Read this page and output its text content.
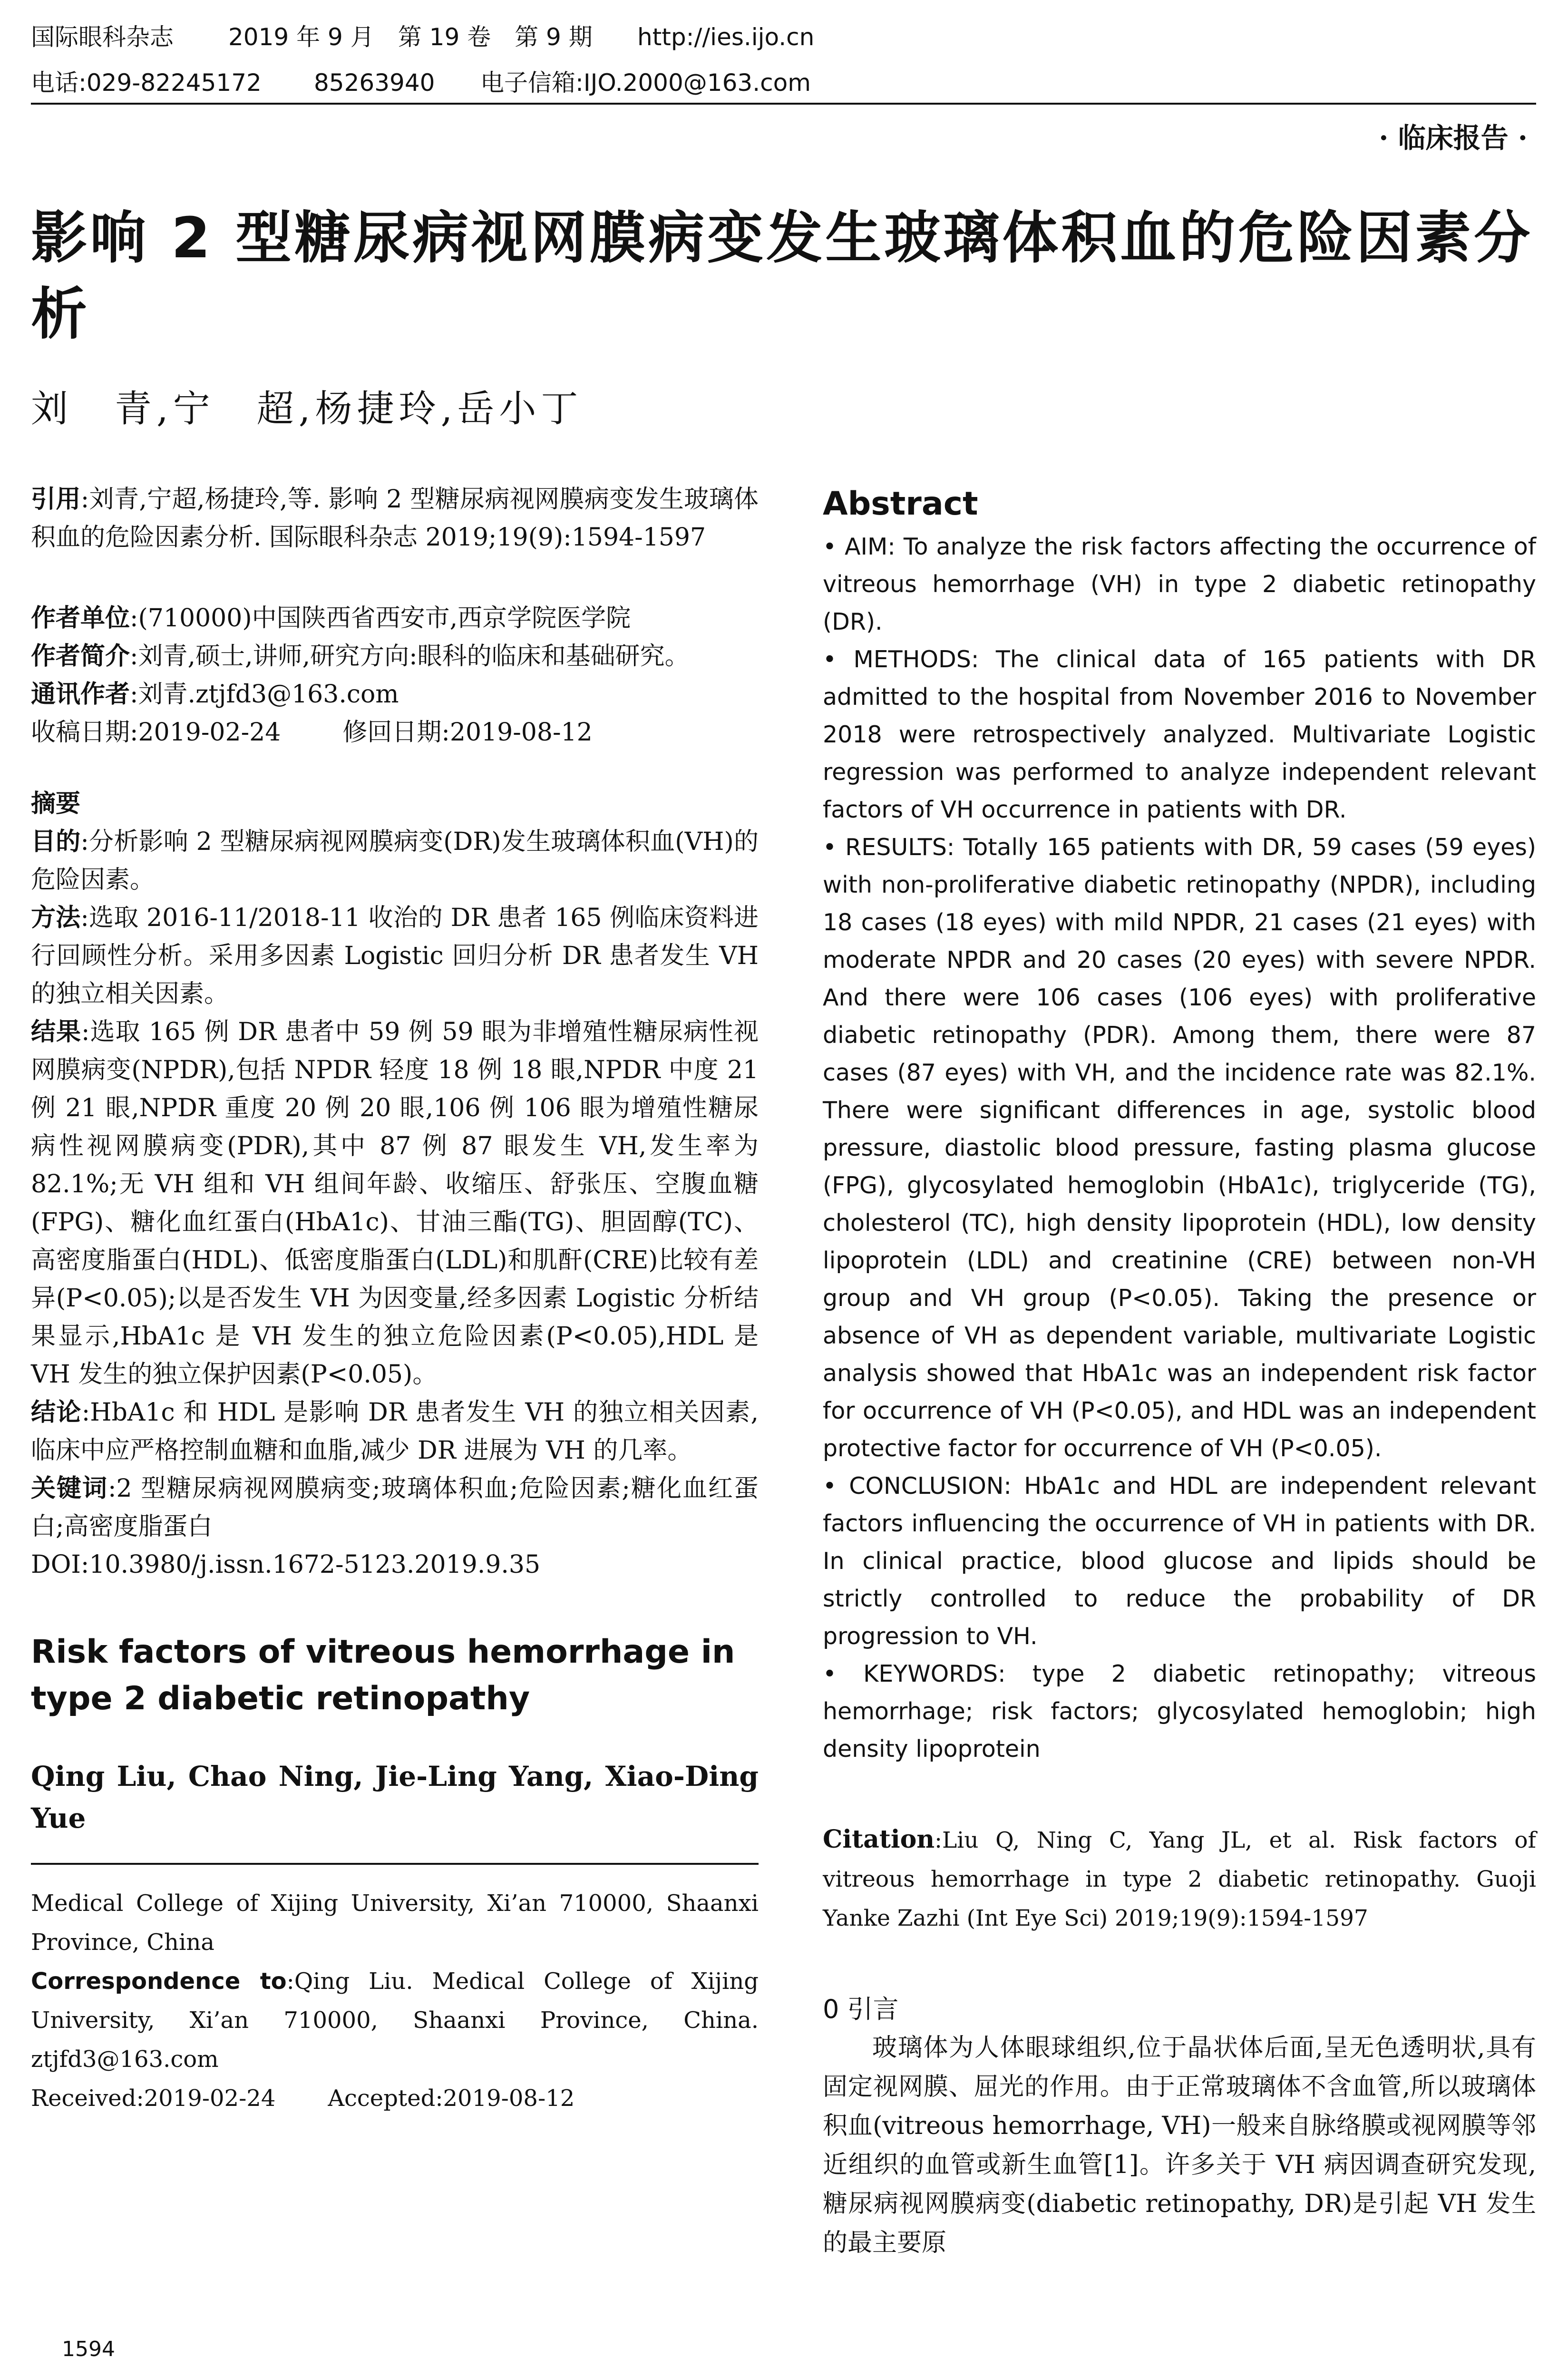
国际眼科杂志 2019 年 9 月　第 19 卷　第 9 期 http://ies.ijo.cn
电话:029-82245172 85263940 电子信箱:IJO.2000@163.com
· 临床报告 ·
影响 2 型糖尿病视网膜病变发生玻璃体积血的危险因素分析
刘　青,宁　超,杨捷玲,岳小丁
引用:刘青,宁超,杨捷玲,等. 影响 2 型糖尿病视网膜病变发生玻璃体积血的危险因素分析. 国际眼科杂志 2019;19(9):1594-1597

作者单位:(710000)中国陕西省西安市,西京学院医学院

作者简介:刘青,硕士,讲师,研究方向:眼科的临床和基础研究。

通讯作者:刘青.ztjfd3@163.com

收稿日期:2019-02-24	修回日期:2019-08-12

摘要

目的:分析影响 2 型糖尿病视网膜病变(DR)发生玻璃体积血(VH)的危险因素。

方法:选取 2016-11/2018-11 收治的 DR 患者 165 例临床资料进行回顾性分析。采用多因素 Logistic 回归分析 DR 患者发生 VH 的独立相关因素。

结果:选取 165 例 DR 患者中 59 例 59 眼为非增殖性糖尿病性视网膜病变(NPDR),包括 NPDR 轻度 18 例 18 眼,NPDR 中度 21 例 21 眼,NPDR 重度 20 例 20 眼,106 例 106 眼为增殖性糖尿病性视网膜病变(PDR),其中 87 例 87 眼发生 VH,发生率为 82.1%;无 VH 组和 VH 组间年龄、收缩压、舒张压、空腹血糖(FPG)、糖化血红蛋白(HbA1c)、甘油三酯(TG)、胆固醇(TC)、高密度脂蛋白(HDL)、低密度脂蛋白(LDL)和肌酐(CRE)比较有差异(P<0.05);以是否发生 VH 为因变量,经多因素 Logistic 分析结果显示,HbA1c 是 VH 发生的独立危险因素(P<0.05),HDL 是 VH 发生的独立保护因素(P<0.05)。

结论:HbA1c 和 HDL 是影响 DR 患者发生 VH 的独立相关因素,临床中应严格控制血糖和血脂,减少 DR 进展为 VH 的几率。

关键词:2 型糖尿病视网膜病变;玻璃体积血;危险因素;糖化血红蛋白;高密度脂蛋白

DOI:10.3980/j.issn.1672-5123.2019.9.35

Risk factors of vitreous hemorrhage in type 2 diabetic retinopathy
Qing Liu, Chao Ning, Jie-Ling Yang, Xiao-Ding Yue

Medical College of Xijing University, Xi’an 710000, Shaanxi Province, China

Correspondence to:Qing Liu. Medical College of Xijing University, Xi’an 710000, Shaanxi Province, China. ztjfd3@163.com

Received:2019-02-24 Accepted:2019-08-12

Abstract

• AIM: To analyze the risk factors affecting the occurrence of vitreous hemorrhage (VH) in type 2 diabetic retinopathy (DR).

• METHODS: The clinical data of 165 patients with DR admitted to the hospital from November 2016 to November 2018 were retrospectively analyzed. Multivariate Logistic regression was performed to analyze independent relevant factors of VH occurrence in patients with DR.

• RESULTS: Totally 165 patients with DR, 59 cases (59 eyes) with non-proliferative diabetic retinopathy (NPDR), including 18 cases (18 eyes) with mild NPDR, 21 cases (21 eyes) with moderate NPDR and 20 cases (20 eyes) with severe NPDR. And there were 106 cases (106 eyes) with proliferative diabetic retinopathy (PDR). Among them, there were 87 cases (87 eyes) with VH, and the incidence rate was 82.1%. There were significant differences in age, systolic blood pressure, diastolic blood pressure, fasting plasma glucose (FPG), glycosylated hemoglobin (HbA1c), triglyceride (TG), cholesterol (TC), high density lipoprotein (HDL), low density lipoprotein (LDL) and creatinine (CRE) between non-VH group and VH group (P<0.05). Taking the presence or absence of VH as dependent variable, multivariate Logistic analysis showed that HbA1c was an independent risk factor for occurrence of VH (P<0.05), and HDL was an independent protective factor for occurrence of VH (P<0.05).

• CONCLUSION: HbA1c and HDL are independent relevant factors influencing the occurrence of VH in patients with DR. In clinical practice, blood glucose and lipids should be strictly controlled to reduce the probability of DR progression to VH.

• KEYWORDS: type 2 diabetic retinopathy; vitreous hemorrhage; risk factors; glycosylated hemoglobin; high density lipoprotein

Citation:Liu Q, Ning C, Yang JL, et al. Risk factors of vitreous hemorrhage in type 2 diabetic retinopathy. Guoji Yanke Zazhi (Int Eye Sci) 2019;19(9):1594-1597
0 引言
玻璃体为人体眼球组织,位于晶状体后面,呈无色透明状,具有固定视网膜、屈光的作用。由于正常玻璃体不含血管,所以玻璃体积血(vitreous hemorrhage, VH)一般来自脉络膜或视网膜等邻近组织的血管或新生血管[1]。许多关于 VH 病因调查研究发现,糖尿病视网膜病变(diabetic retinopathy, DR)是引起 VH 发生的最主要原
1594
